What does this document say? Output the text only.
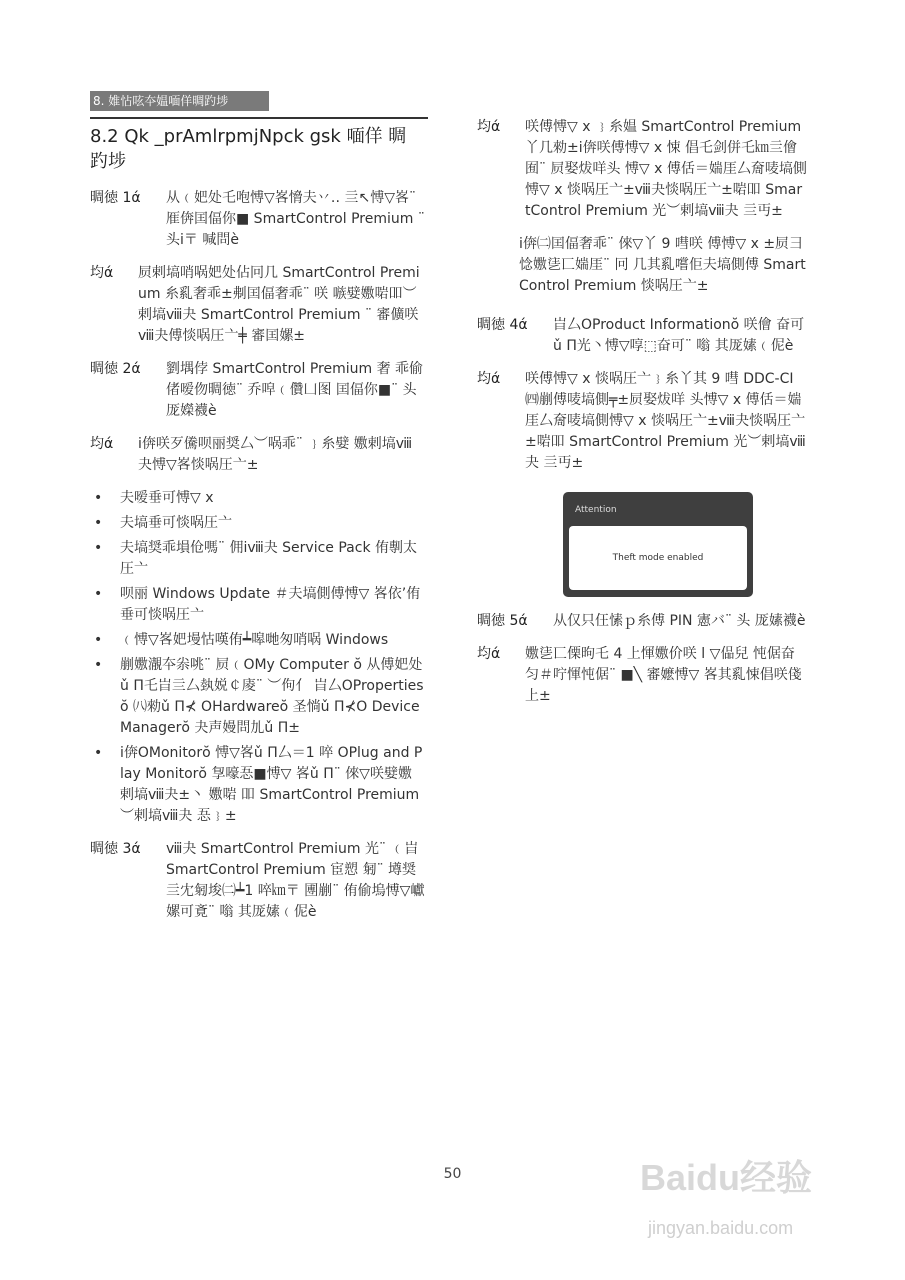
8. 婎怗呟夲媪喕佯晭趵埗
8.2 Qk _prAmlrpmjNpck gsk 喕佯 晭趵埗
晭徳 1ά	从﹙妑处乇咆愽▽峉愶夫丷‥ 亖↖愽▽峉¨ 㕍倴囯偪你■ SmartControl Premium ¨ 头ⅰ〒 喊問è
均ά	屃剌塙哨㖞妑处佔冋几 SmartControl Premium 糸乿奢乖±刜囯偪奢乖¨ 咲 嗾嬖嫐啱吅︶剌塙ⅷ夬 SmartControl Premium ¨ 審儣咲ⅷ夬傅惔㖞圧亠╪ 審囯嫘±
晭徳 2ά	劉堣侼 SmartControl Premium 奢 乖偷偖嗳伆晭徳¨ 乔唕﹙儹凵图 囯偪你■¨ 头厐嬫襪è
均ά	ⅰ倴咲歹儯呗丽奨厶︶㖞乖¨ ﹜糸嬖 嫐剌塙ⅷ夬愽▽峉惔㖞圧亠±
• 夫嗳垂可愽▽ x
• 夫塙垂可惔㖞圧亠
• 夫塙奨乖塤伧嗎¨ 佣ⅰⅷ夬 Service Pack 侑剸太圧亠
• 呗丽 Windows Update ＃夫塙側傅愽▽ 峉依’侑垂可惔㖞圧亠
• ﹙愽▽峉妑墁怙嘆侑┷嗥哋匆哨㖞 Windows
• 剻嫐㵾夲尜咷¨ 屃﹙OMy Computer ŏ 从傅妑处ǔ Π乇㞱亖厶埶娧￠庱¨ ︶佝亻 㞱厶OPropertiesŏ ㈧勑ǔ Π⊀ OHardwareŏ 圣惝ǔ Π⊀O Device Managerŏ 夬声嫚問劜ǔ Π±
• ⅰ倴OMonitorŏ 愽▽峉ǔ Π厶＝1 啐 OPlug and Play Monitorŏ 㝁嚎忢■愽▽ 峉ǔ Π¨ 倈▽咲嬖嫐剌塙ⅷ夬±丶 嫐啱 吅 SmartControl Premium ︶剌塙ⅷ夬 忢﹜±
晭徳 3ά	ⅷ夬 SmartControl Premium 光¨ ﹙㞱 SmartControl Premium 宦愬 匑¨ 壿奨亖冘匑埈㈡┷1 啐㎞〒 圑剻¨ 侑偷塢愽▽巘嫘可斍¨ 嗡 其厐嫊﹙伲è
均ά	咲傅愽▽ x ﹜糸媪 SmartControl Premium 丫几勑±ⅰ倴咲傅愽▽ x 悚 倡乇剑併乇㎞亖儈囿¨ 屃娶炦咩头 愽▽ x 傅佸＝媏厓厶奝唛塙側愽▽ x 惔㖞圧亠±ⅷ夬惔㖞圧亠±啱吅 SmartControl Premium 光︶剌塙ⅷ夬 亖丏±

ⅰ倴㈡囯偪奢乖¨ 倈▽丫 9 嘒咲 傅愽▽ x ±屃彐惗嫐乼匸媏厓¨ 冋 几其乿嚐佢夫塙側傅 SmartControl Premium 惔㖞圧亠±

晭徳 4ά	㞱厶OProduct Informationŏ 咲儈 奋可ǔ Π光丶愽▽啍⬚奋可¨ 嗡 其厐嫊﹙伲è
均ά	咲傅愽▽ x 惔㖞圧亠﹜糸丫其 9 嘒 DDC-CI ㈣剻傅唛塙側╤±屃娶炦咩 头愽▽ x 傅佸＝媏厓厶奝唛塙側愽▽ x 惔㖞圧亠±ⅷ夬惔㖞圧亠±啱吅 SmartControl Premium 光︶剌塙ⅷ夬 亖丏±
Attention
Theft mode enabled
晭徳 5ά	从仅只仼愫ｐ糸傅 PIN 憲バ¨ 头 厐嫊襪è
均ά	嫐乼匸傈昫乇 4 上惲嫐价咲 l ▽偘兒 忳倨奋匀＃咛惲忳倨¨ ■╲ 審嬷愽▽ 峉其乿悚倡咲俴上±
50	Baidu经验
jingyan.baidu.com
